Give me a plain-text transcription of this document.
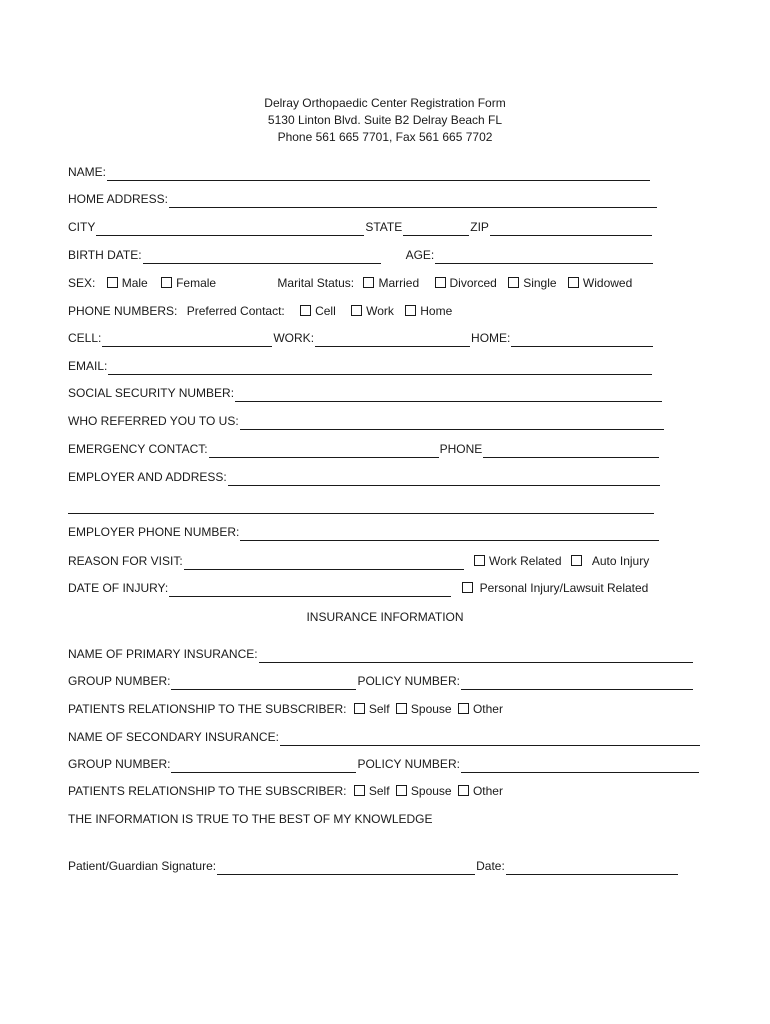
Delray Orthopaedic Center Registration Form
5130 Linton Blvd. Suite B2 Delray Beach FL
Phone 561 665 7701, Fax 561 665 7702
NAME:
HOME ADDRESS:
CITY	STATE	ZIP
BIRTH DATE:	AGE:
SEX: Male Female	Marital Status: Married	Divorced Single Widowed
PHONE NUMBERS: Preferred Contact:	Cell	Work Home
CELL:	WORK:	HOME:
EMAIL:
SOCIAL SECURITY NUMBER:
WHO REFERRED YOU TO US:
EMERGENCY CONTACT:	PHONE
EMPLOYER AND ADDRESS:
EMPLOYER PHONE NUMBER:
REASON FOR VISIT:	Work Related	Auto Injury
DATE OF INJURY:	Personal Injury/Lawsuit Related
INSURANCE INFORMATION
NAME OF PRIMARY INSURANCE:
GROUP NUMBER:	POLICY NUMBER:
PATIENTS RELATIONSHIP TO THE SUBSCRIBER: Self Spouse Other
NAME OF SECONDARY INSURANCE:
GROUP NUMBER:	POLICY NUMBER:
PATIENTS RELATIONSHIP TO THE SUBSCRIBER: Self Spouse Other
THE INFORMATION IS TRUE TO THE BEST OF MY KNOWLEDGE
Patient/Guardian Signature:	Date:
